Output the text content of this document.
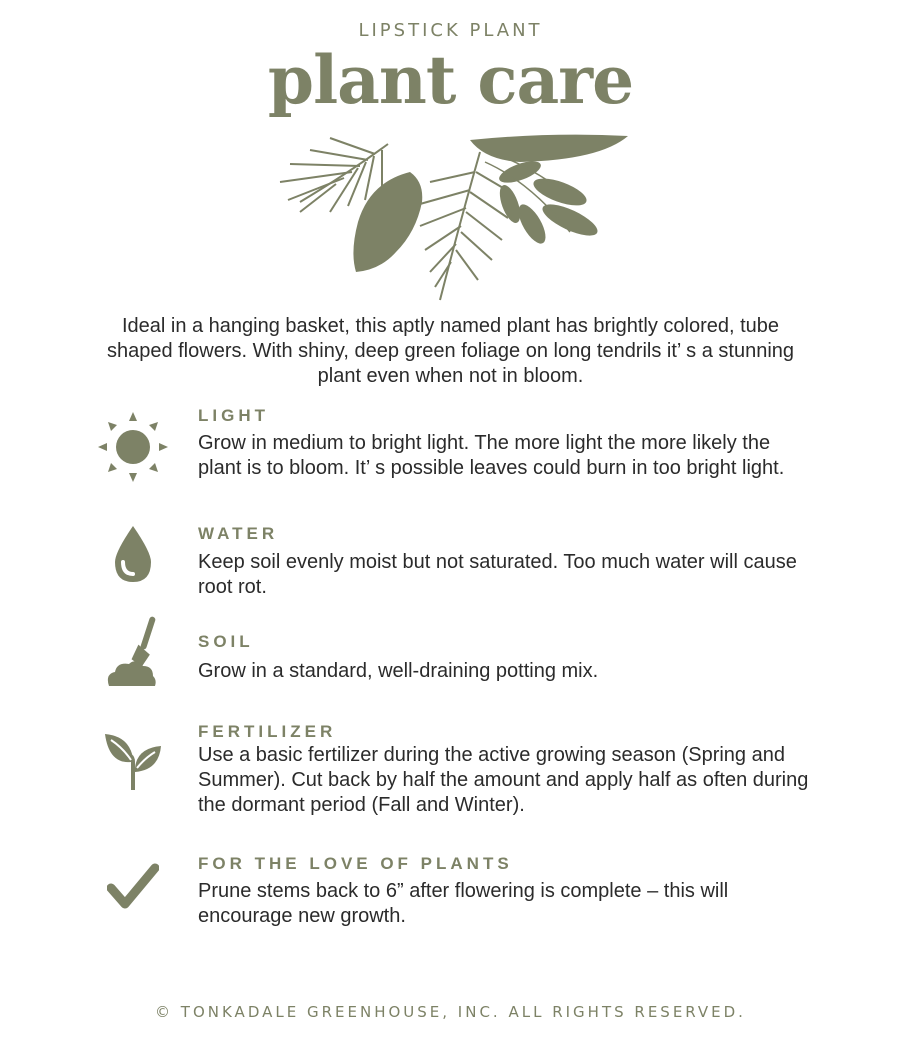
LIPSTICK PLANT
plant care
Ideal in a hanging basket, this aptly named plant has brightly colored, tube shaped flowers. With shiny, deep green foliage on long tendrils it’ s a stunning plant even when not in bloom.
LIGHT
Grow in medium to bright light. The more light the more likely the plant is to bloom. It’ s possible leaves could burn in too bright light.
WATER
Keep soil evenly moist but not saturated. Too much water will cause root rot.
SOIL
Grow in a standard, well-draining potting mix.
FERTILIZER
Use a basic fertilizer during the active growing season (Spring and Summer). Cut back by half the amount and apply half as often during the dormant period (Fall and Winter).
FOR THE LOVE OF PLANTS
Prune stems back to 6” after flowering is complete – this will encourage new growth.
© TONKADALE GREENHOUSE, INC. ALL RIGHTS RESERVED.
